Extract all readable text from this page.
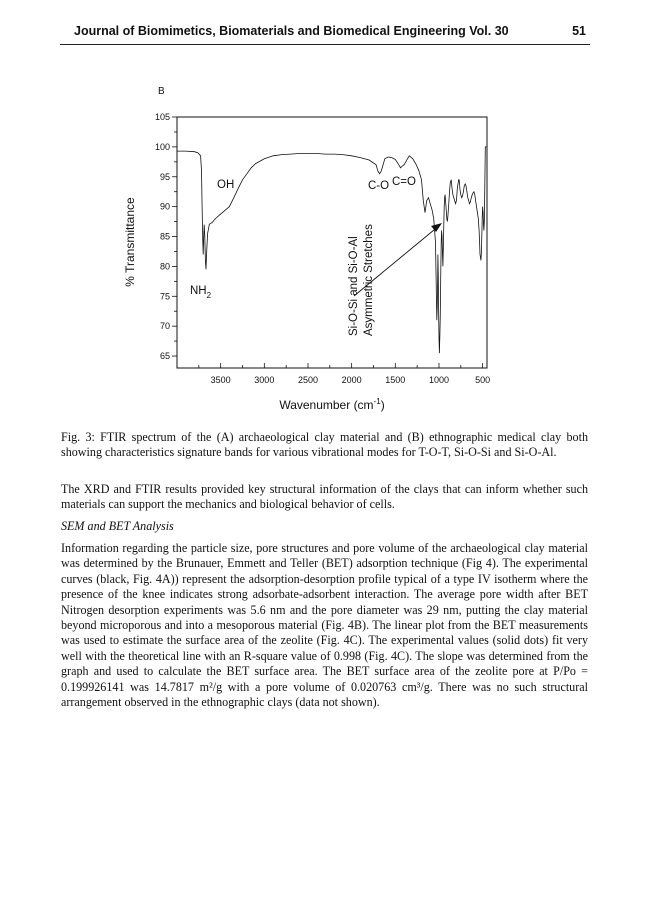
Journal of Biomimetics, Biomaterials and Biomedical Engineering Vol. 30	51
B
3500	3000	2500	2000	1500	1000	500
65
70
75
80
85
90
95
100
105
OH
$NH_2$
C-O C=O
Si-O-Si and Si-O-Al Asymmetric Stretches
% Transmittance
Wavenumber $(cm^{-1})$

Fig. 3: FTIR spectrum of the (A) archaeological clay material and (B) ethnographic medical clay both showing characteristics signature bands for various vibrational modes for T-O-T, Si-O-Si and Si-O-Al.

The XRD and FTIR results provided key structural information of the clays that can inform whether such materials can support the mechanics and biological behavior of cells.

SEM and BET Analysis

Information regarding the particle size, pore structures and pore volume of the archaeological clay material was determined by the Brunauer, Emmett and Teller (BET) adsorption technique (Fig 4). The experimental curves (black, Fig. 4A)) represent the adsorption-desorption profile typical of a type IV isotherm where the presence of the knee indicates strong adsorbate-adsorbent interaction. The average pore width after BET Nitrogen desorption experiments was 5.6 nm and the pore diameter was 29 nm, putting the clay material beyond microporous and into a mesoporous material (Fig. 4B). The linear plot from the BET measurements was used to estimate the surface area of the zeolite (Fig. 4C). The experimental values (solid dots) fit very well with the theoretical line with an R-square value of 0.998 (Fig. 4C). The slope was determined from the graph and used to calculate the BET surface area. The BET surface area of the zeolite pore at P/Po = 0.199926141 was 14.7817 m²/g with a pore volume of 0.020763 cm³/g. There was no such structural arrangement observed in the ethnographic clays (data not shown).
